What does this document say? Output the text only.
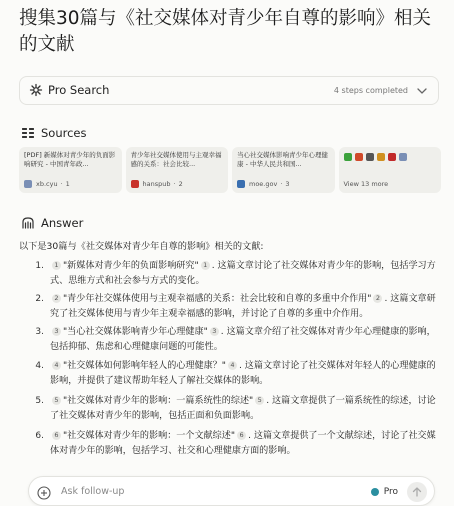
搜集30篇与《社交媒体对青少年自尊的影响》相关的文献
Pro Search	4 steps completed
Sources
[PDF] 新媒体对青少年的负面影响研究 - 中国青年政...
xb.cyu · 1
青少年社交媒体使用与主观幸福感的关系：社会比较...
hanspub · 2
当心社交媒体影响青少年心理健康 - 中华人民共和国...
moe.gov · 3	View 13 more
Answer
以下是30篇与《社交媒体对青少年自尊的影响》相关的文献:
1.	1 "新媒体对青少年的负面影响研究" 1 . 这篇文章讨论了社交媒体对青少年的影响，包括学习方式、思维方式和社会参与方式的变化。
2.	2 "青少年社交媒体使用与主观幸福感的关系：社会比较和自尊的多重中介作用" 2 . 这篇文章研究了社交媒体使用与青少年主观幸福感的影响，并讨论了自尊的多重中介作用。
3.	3 "当心社交媒体影响青少年心理健康" 3 . 这篇文章介绍了社交媒体对青少年心理健康的影响，包括抑郁、焦虑和心理健康问题的可能性。
4.	4 "社交媒体如何影响年轻人的心理健康？" 4 . 这篇文章讨论了社交媒体对年轻人的心理健康的影响，并提供了建议帮助年轻人了解社交媒体的影响。
5.	5 "社交媒体对青少年的影响：一篇系统性的综述" 5 . 这篇文章提供了一篇系统性的综述，讨论了社交媒体对青少年的影响，包括正面和负面影响。
6.	6 "社交媒体对青少年的影响：一个文献综述" 6 . 这篇文章提供了一个文献综述，讨论了社交媒体对青少年的影响，包括学习、社交和心理健康方面的影响。
Ask follow-up	Pro
